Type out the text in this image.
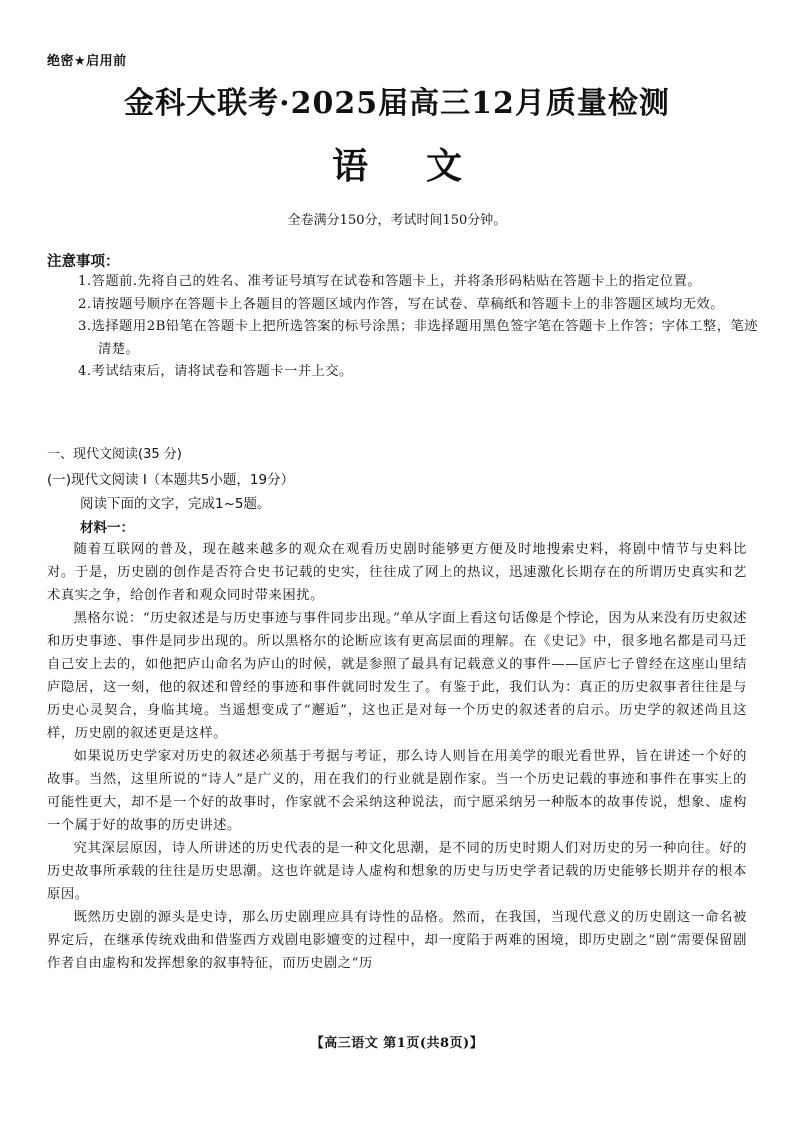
绝密★启用前
金科大联考·2025届高三12月质量检测
语文
全卷满分150分，考试时间150分钟。
注意事项：
1.答题前.先将自己的姓名、准考证号填写在试卷和答题卡上，并将条形码粘贴在答题卡上的指定位置。
2.请按题号顺序在答题卡上各题目的答题区域内作答，写在试卷、草稿纸和答题卡上的非答题区域均无效。
3.选择题用2B铅笔在答题卡上把所选答案的标号涂黑；非选择题用黑色签字笔在答题卡上作答；字体工整，笔迹清楚。
4.考试结束后，请将试卷和答题卡一并上交。
一、现代文阅读(35 分)
(一)现代文阅读 I（本题共5小题，19分）
阅读下面的文字，完成1~5题。
材料一：

随着互联网的普及，现在越来越多的观众在观看历史剧时能够更方便及时地搜索史料，将剧中情节与史料比对。于是，历史剧的创作是否符合史书记载的史实，往往成了网上的热议，迅速激化长期存在的所谓历史真实和艺术真实之争，给创作者和观众同时带来困扰。

黑格尔说：“历史叙述是与历史事迹与事件同步出现。”单从字面上看这句话像是个悖论，因为从来没有历史叙述和历史事迹、事件是同步出现的。所以黑格尔的论断应该有更高层面的理解。在《史记》中，很多地名都是司马迁自己安上去的，如他把庐山命名为庐山的时候，就是参照了最具有记载意义的事件——匡庐七子曾经在这座山里结庐隐居，这一刻，他的叙述和曾经的事迹和事件就同时发生了。有鉴于此，我们认为：真正的历史叙事者往往是与历史心灵契合，身临其境。当遥想变成了“邂逅”，这也正是对每一个历史的叙述者的启示。历史学的叙述尚且这样，历史剧的叙述更是这样。

如果说历史学家对历史的叙述必须基于考据与考证，那么诗人则旨在用美学的眼光看世界，旨在讲述一个好的故事。当然，这里所说的“诗人”是广义的，用在我们的行业就是剧作家。当一个历史记载的事迹和事件在事实上的可能性更大，却不是一个好的故事时，作家就不会采纳这种说法，而宁愿采纳另一种版本的故事传说，想象、虚构一个属于好的故事的历史讲述。

究其深层原因，诗人所讲述的历史代表的是一种文化思潮，是不同的历史时期人们对历史的另一种向往。好的历史故事所承载的往往是历史思潮。这也许就是诗人虚构和想象的历史与历史学者记载的历史能够长期并存的根本原因。

既然历史剧的源头是史诗，那么历史剧理应具有诗性的品格。然而，在我国，当现代意义的历史剧这一命名被界定后，在继承传统戏曲和借鉴西方戏剧电影嬗变的过程中，却一度陷于两难的困境，即历史剧之“剧”需要保留剧作者自由虚构和发挥想象的叙事特征，而历史剧之“历

【高三语文 第1页(共8页)】
